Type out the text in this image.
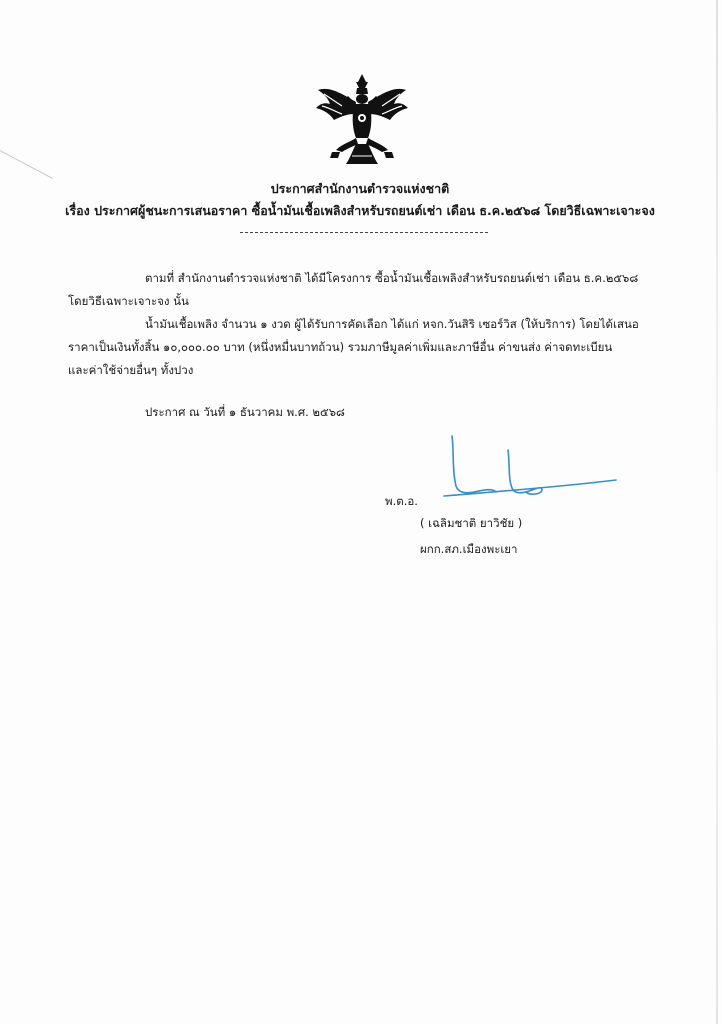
ประกาศสำนักงานตำรวจแห่งชาติ
เรื่อง ประกาศผู้ชนะการเสนอราคา ซื้อน้ำมันเชื้อเพลิงสำหรับรถยนต์เช่า เดือน ธ.ค.๒๕๖๘ โดยวิธีเฉพาะเจาะจง
ตามที่ สำนักงานตำรวจแห่งชาติ ได้มีโครงการ ซื้อน้ำมันเชื้อเพลิงสำหรับรถยนต์เช่า เดือน ธ.ค.๒๕๖๘
โดยวิธีเฉพาะเจาะจง นั้น
น้ำมันเชื้อเพลิง จำนวน ๑ งวด ผู้ได้รับการคัดเลือก ได้แก่ หจก.วันสิริ เซอร์วิส (ให้บริการ) โดยได้เสนอ
ราคาเป็นเงินทั้งสิ้น ๑๐,๐๐๐.๐๐ บาท (หนึ่งหมื่นบาทถ้วน) รวมภาษีมูลค่าเพิ่มและภาษีอื่น ค่าขนส่ง ค่าจดทะเบียน
และค่าใช้จ่ายอื่นๆ ทั้งปวง
ประกาศ ณ วันที่ ๑ ธันวาคม พ.ศ. ๒๕๖๘
พ.ต.อ.
( เฉลิมชาติ ยาวิชัย )
ผกก.สภ.เมืองพะเยา
